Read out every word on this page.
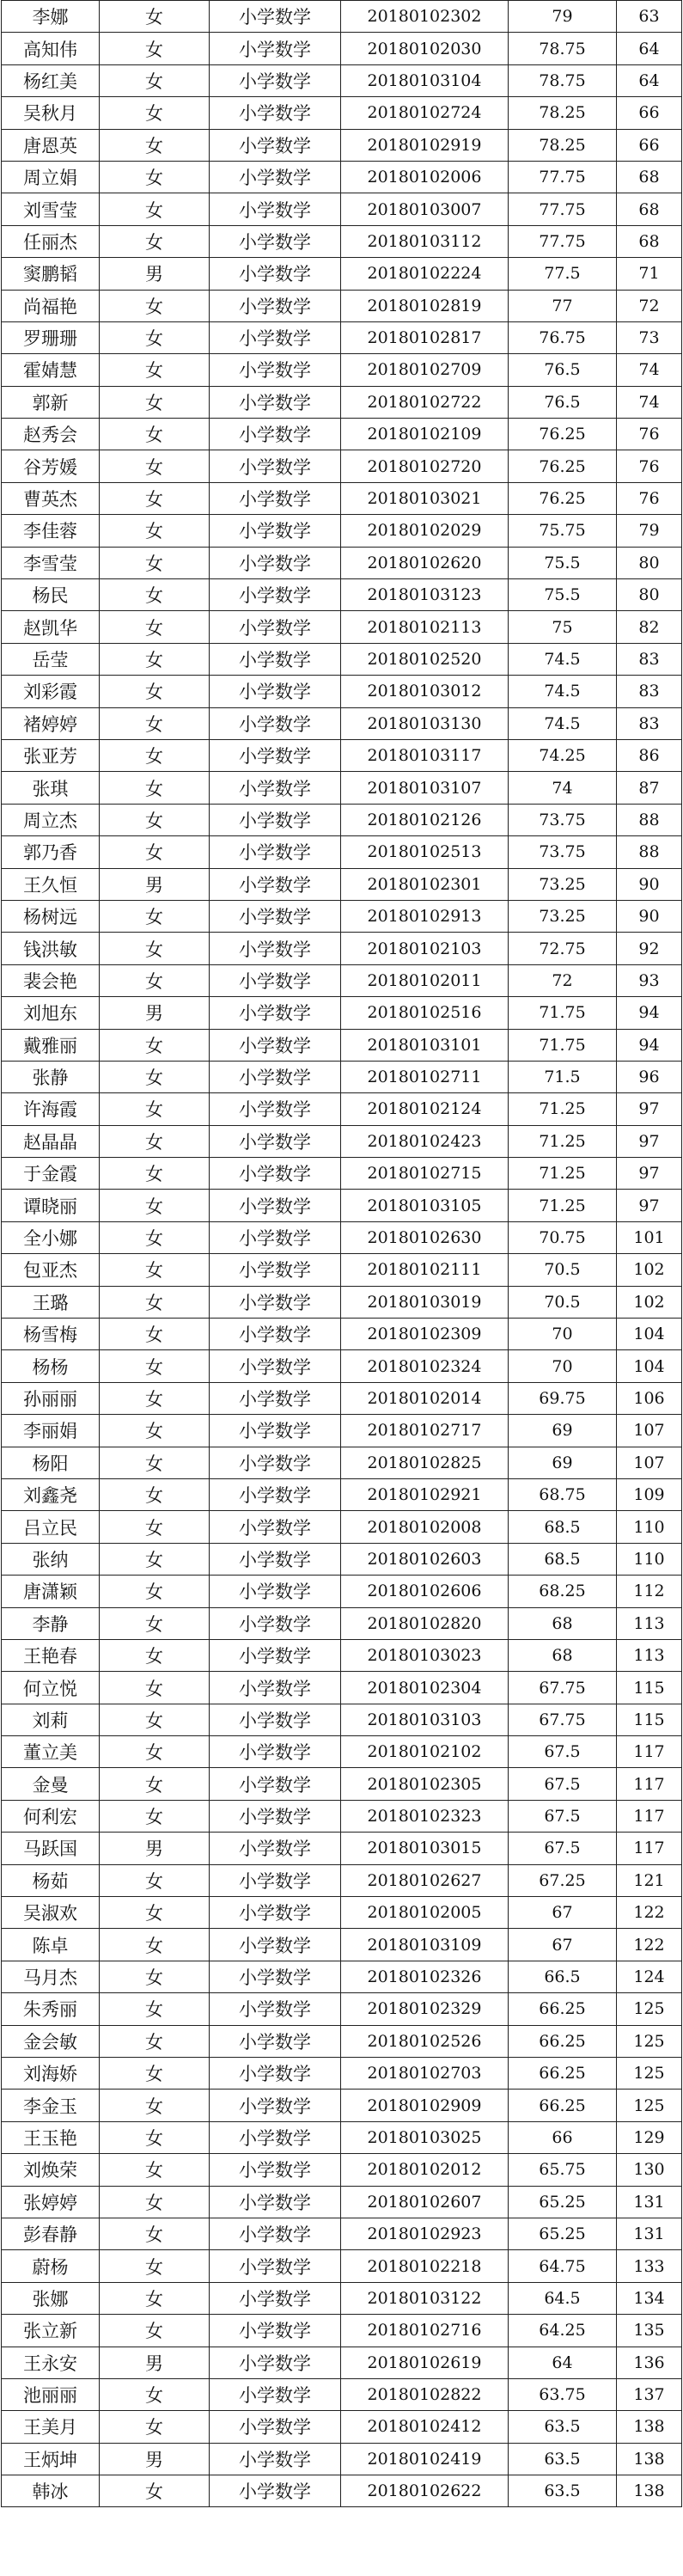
李娜	女	小学数学	20180102302	79	63
高知伟	女	小学数学	20180102030	78.75	64
杨红美	女	小学数学	20180103104	78.75	64
吴秋月	女	小学数学	20180102724	78.25	66
唐恩英	女	小学数学	20180102919	78.25	66
周立娟	女	小学数学	20180102006	77.75	68
刘雪莹	女	小学数学	20180103007	77.75	68
任丽杰	女	小学数学	20180103112	77.75	68
窦鹏韬	男	小学数学	20180102224	77.5	71
尚福艳	女	小学数学	20180102819	77	72
罗珊珊	女	小学数学	20180102817	76.75	73
霍婧慧	女	小学数学	20180102709	76.5	74
郭新	女	小学数学	20180102722	76.5	74
赵秀会	女	小学数学	20180102109	76.25	76
谷芳媛	女	小学数学	20180102720	76.25	76
曹英杰	女	小学数学	20180103021	76.25	76
李佳蓉	女	小学数学	20180102029	75.75	79
李雪莹	女	小学数学	20180102620	75.5	80
杨民	女	小学数学	20180103123	75.5	80
赵凯华	女	小学数学	20180102113	75	82
岳莹	女	小学数学	20180102520	74.5	83
刘彩霞	女	小学数学	20180103012	74.5	83
褚婷婷	女	小学数学	20180103130	74.5	83
张亚芳	女	小学数学	20180103117	74.25	86
张琪	女	小学数学	20180103107	74	87
周立杰	女	小学数学	20180102126	73.75	88
郭乃香	女	小学数学	20180102513	73.75	88
王久恒	男	小学数学	20180102301	73.25	90
杨树远	女	小学数学	20180102913	73.25	90
钱洪敏	女	小学数学	20180102103	72.75	92
裴会艳	女	小学数学	20180102011	72	93
刘旭东	男	小学数学	20180102516	71.75	94
戴雅丽	女	小学数学	20180103101	71.75	94
张静	女	小学数学	20180102711	71.5	96
许海霞	女	小学数学	20180102124	71.25	97
赵晶晶	女	小学数学	20180102423	71.25	97
于金霞	女	小学数学	20180102715	71.25	97
谭晓丽	女	小学数学	20180103105	71.25	97
全小娜	女	小学数学	20180102630	70.75	101
包亚杰	女	小学数学	20180102111	70.5	102
王璐	女	小学数学	20180103019	70.5	102
杨雪梅	女	小学数学	20180102309	70	104
杨杨	女	小学数学	20180102324	70	104
孙丽丽	女	小学数学	20180102014	69.75	106
李丽娟	女	小学数学	20180102717	69	107
杨阳	女	小学数学	20180102825	69	107
刘鑫尧	女	小学数学	20180102921	68.75	109
吕立民	女	小学数学	20180102008	68.5	110
张纳	女	小学数学	20180102603	68.5	110
唐潇颖	女	小学数学	20180102606	68.25	112
李静	女	小学数学	20180102820	68	113
王艳春	女	小学数学	20180103023	68	113
何立悦	女	小学数学	20180102304	67.75	115
刘莉	女	小学数学	20180103103	67.75	115
董立美	女	小学数学	20180102102	67.5	117
金曼	女	小学数学	20180102305	67.5	117
何利宏	女	小学数学	20180102323	67.5	117
马跃国	男	小学数学	20180103015	67.5	117
杨茹	女	小学数学	20180102627	67.25	121
吴淑欢	女	小学数学	20180102005	67	122
陈卓	女	小学数学	20180103109	67	122
马月杰	女	小学数学	20180102326	66.5	124
朱秀丽	女	小学数学	20180102329	66.25	125
金会敏	女	小学数学	20180102526	66.25	125
刘海娇	女	小学数学	20180102703	66.25	125
李金玉	女	小学数学	20180102909	66.25	125
王玉艳	女	小学数学	20180103025	66	129
刘焕荣	女	小学数学	20180102012	65.75	130
张婷婷	女	小学数学	20180102607	65.25	131
彭春静	女	小学数学	20180102923	65.25	131
蔚杨	女	小学数学	20180102218	64.75	133
张娜	女	小学数学	20180103122	64.5	134
张立新	女	小学数学	20180102716	64.25	135
王永安	男	小学数学	20180102619	64	136
池丽丽	女	小学数学	20180102822	63.75	137
王美月	女	小学数学	20180102412	63.5	138
王炳坤	男	小学数学	20180102419	63.5	138
韩冰	女	小学数学	20180102622	63.5	138
